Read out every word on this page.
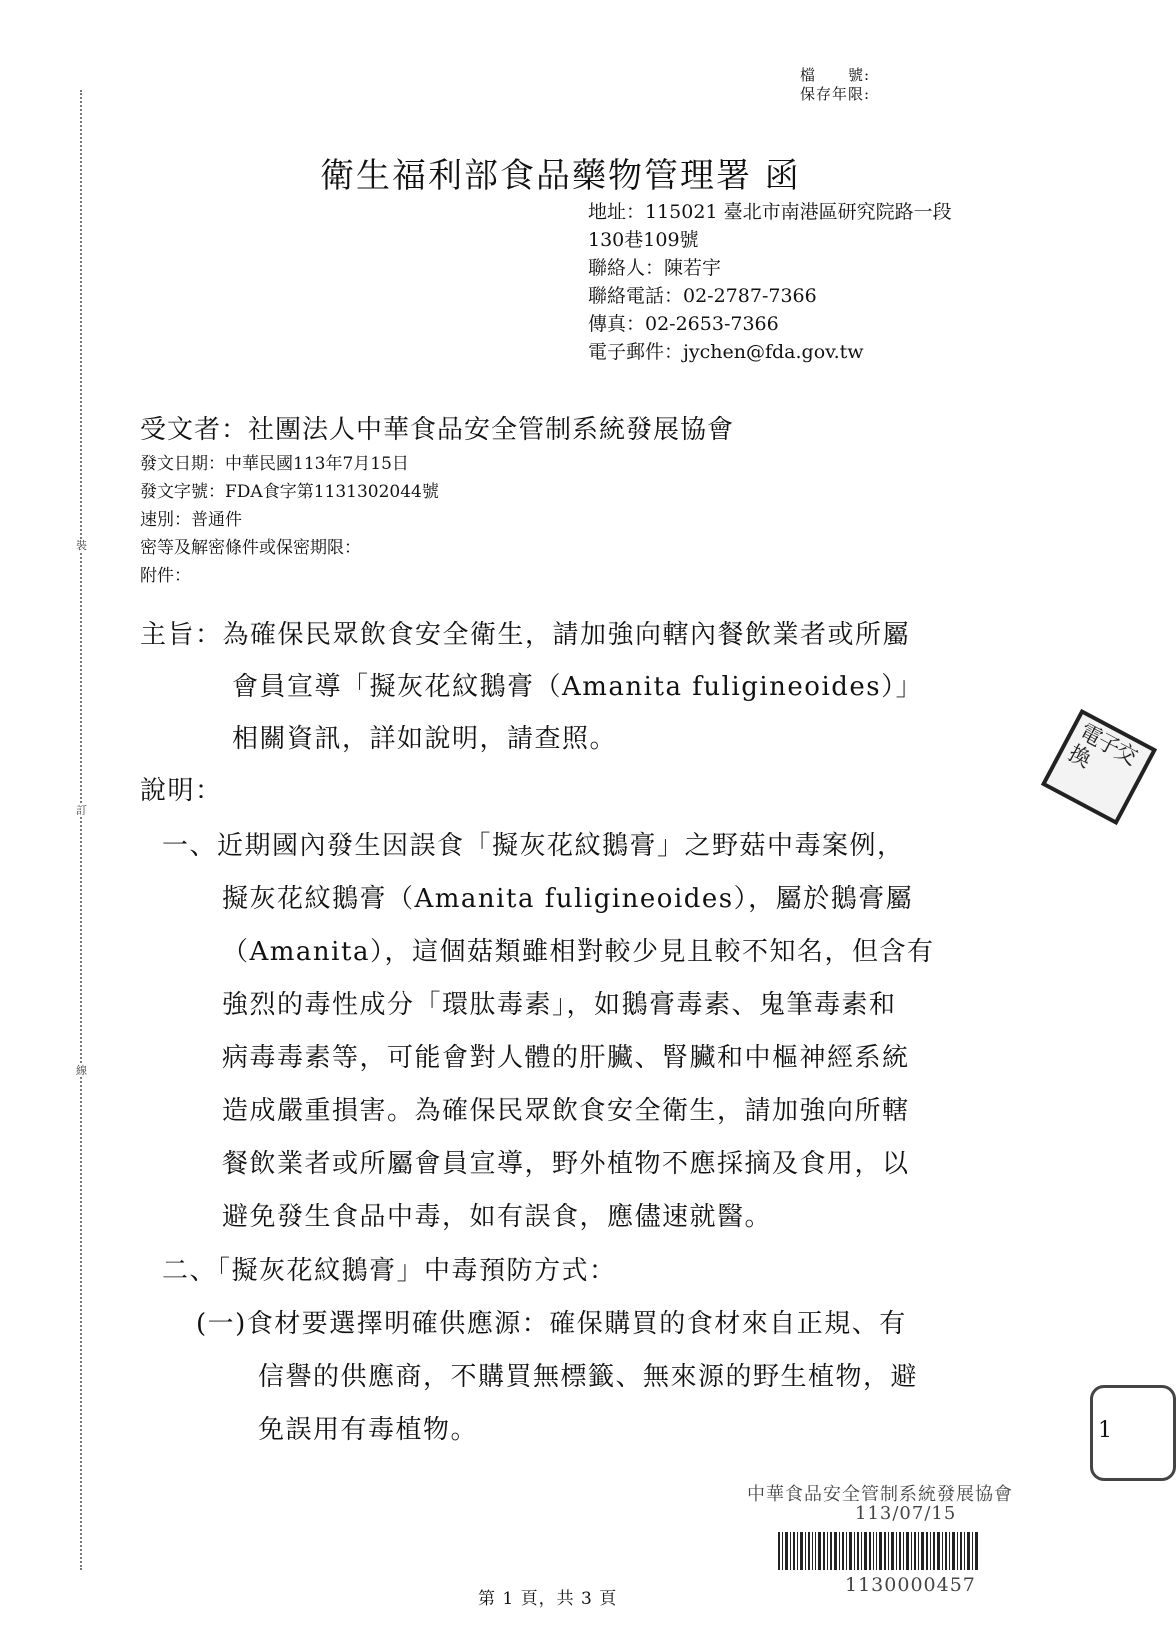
裝
訂
線
檔　　號:
保存年限:
衛生福利部食品藥物管理署 函
地址：115021 臺北市南港區研究院路一段
130巷109號
聯絡人：陳若宇
聯絡電話：02-2787-7366
傳真：02-2653-7366
電子郵件：jychen@fda.gov.tw
受文者：社團法人中華食品安全管制系統發展協會
發文日期：中華民國113年7月15日
發文字號：FDA食字第1131302044號
速別：普通件
密等及解密條件或保密期限：
附件：
主旨：為確保民眾飲食安全衛生，請加強向轄內餐飲業者或所屬
會員宣導「擬灰花紋鵝膏（Amanita fuligineoides）」
相關資訊，詳如說明，請查照。
說明：
一、近期國內發生因誤食「擬灰花紋鵝膏」之野菇中毒案例，
擬灰花紋鵝膏（Amanita fuligineoides），屬於鵝膏屬
（Amanita），這個菇類雖相對較少見且較不知名，但含有
強烈的毒性成分「環肽毒素」，如鵝膏毒素、鬼筆毒素和
病毒毒素等，可能會對人體的肝臟、腎臟和中樞神經系統
造成嚴重損害。為確保民眾飲食安全衛生，請加強向所轄
餐飲業者或所屬會員宣導，野外植物不應採摘及食用，以
避免發生食品中毒，如有誤食，應儘速就醫。
二、「擬灰花紋鵝膏」中毒預防方式：
(一)食材要選擇明確供應源：確保購買的食材來自正規、有
信譽的供應商，不購買無標籤、無來源的野生植物，避
免誤用有毒植物。
電子交換
1
中華食品安全管制系統發展協會
113/07/15
1130000457
第 1 頁，共 3 頁
